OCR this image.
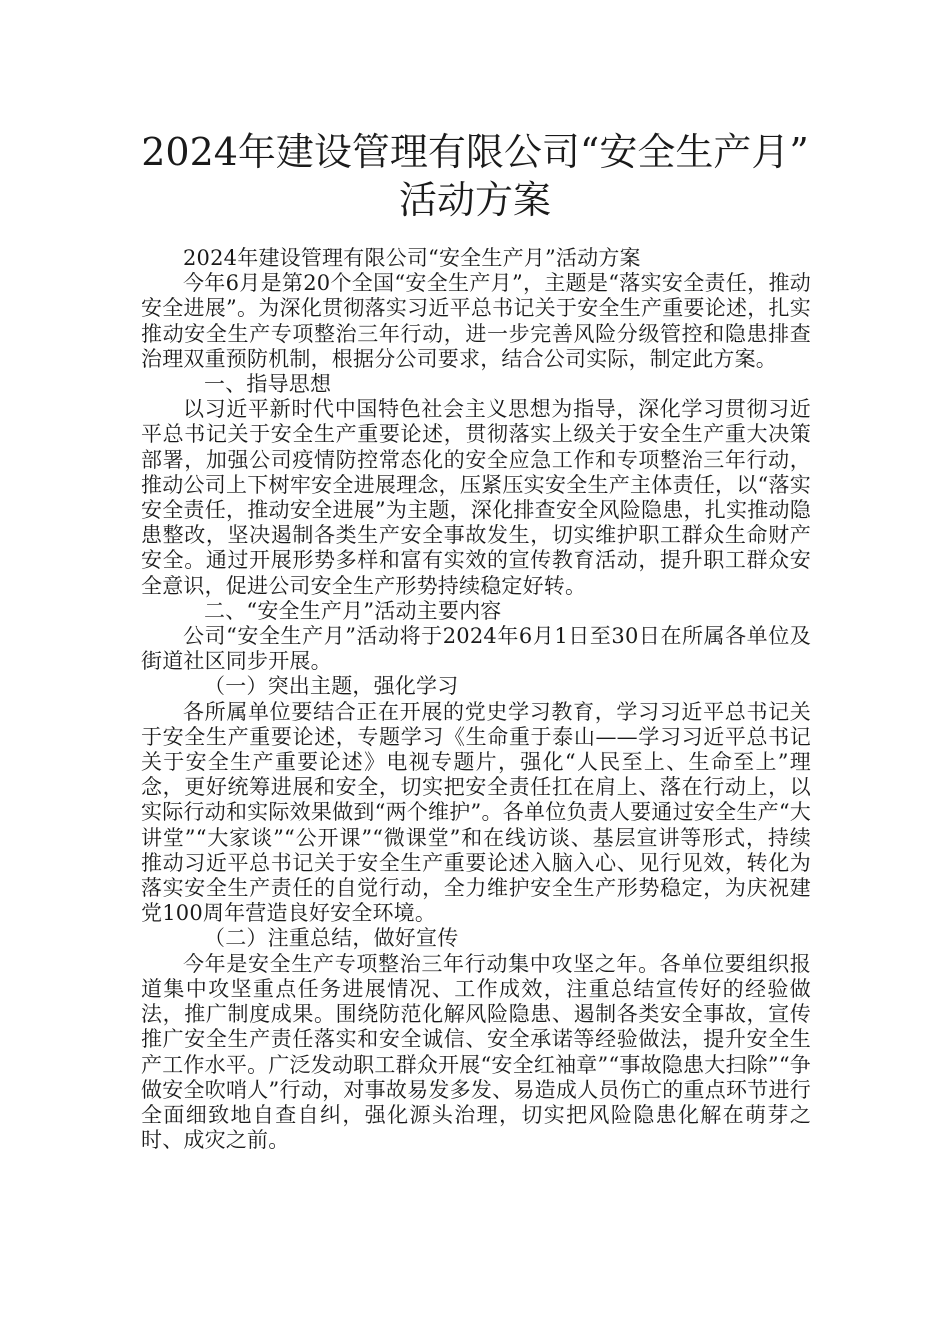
2024年建设管理有限公司“安全生产月”
活动方案

2024年建设管理有限公司“安全生产月”活动方案

今年6月是第20个全国“安全生产月”，主题是“落实安全责任，推动安全进展”。为深化贯彻落实习近平总书记关于安全生产重要论述，扎实推动安全生产专项整治三年行动，进一步完善风险分级管控和隐患排查治理双重预防机制，根据分公司要求，结合公司实际，制定此方案。

一、指导思想

以习近平新时代中国特色社会主义思想为指导，深化学习贯彻习近平总书记关于安全生产重要论述，贯彻落实上级关于安全生产重大决策部署，加强公司疫情防控常态化的安全应急工作和专项整治三年行动，推动公司上下树牢安全进展理念，压紧压实安全生产主体责任，以“落实安全责任，推动安全进展”为主题，深化排查安全风险隐患，扎实推动隐患整改，坚决遏制各类生产安全事故发生，切实维护职工群众生命财产安全。通过开展形势多样和富有实效的宣传教育活动，提升职工群众安全意识，促进公司安全生产形势持续稳定好转。

二、“安全生产月”活动主要内容

公司“安全生产月”活动将于2024年6月1日至30日在所属各单位及街道社区同步开展。

（一）突出主题，强化学习

各所属单位要结合正在开展的党史学习教育，学习习近平总书记关于安全生产重要论述，专题学习《生命重于泰山——学习习近平总书记关于安全生产重要论述》电视专题片，强化“人民至上、生命至上”理念，更好统筹进展和安全，切实把安全责任扛在肩上、落在行动上，以实际行动和实际效果做到“两个维护”。各单位负责人要通过安全生产“大讲堂”“大家谈”“公开课”“微课堂”和在线访谈、基层宣讲等形式，持续推动习近平总书记关于安全生产重要论述入脑入心、见行见效，转化为落实安全生产责任的自觉行动，全力维护安全生产形势稳定，为庆祝建党100周年营造良好安全环境。

（二）注重总结，做好宣传

今年是安全生产专项整治三年行动集中攻坚之年。各单位要组织报道集中攻坚重点任务进展情况、工作成效，注重总结宣传好的经验做法，推广制度成果。围绕防范化解风险隐患、遏制各类安全事故，宣传推广安全生产责任落实和安全诚信、安全承诺等经验做法，提升安全生产工作水平。广泛发动职工群众开展“安全红袖章”“事故隐患大扫除”“争做安全吹哨人”行动，对事故易发多发、易造成人员伤亡的重点环节进行全面细致地自查自纠，强化源头治理，切实把风险隐患化解在萌芽之时、成灾之前。
